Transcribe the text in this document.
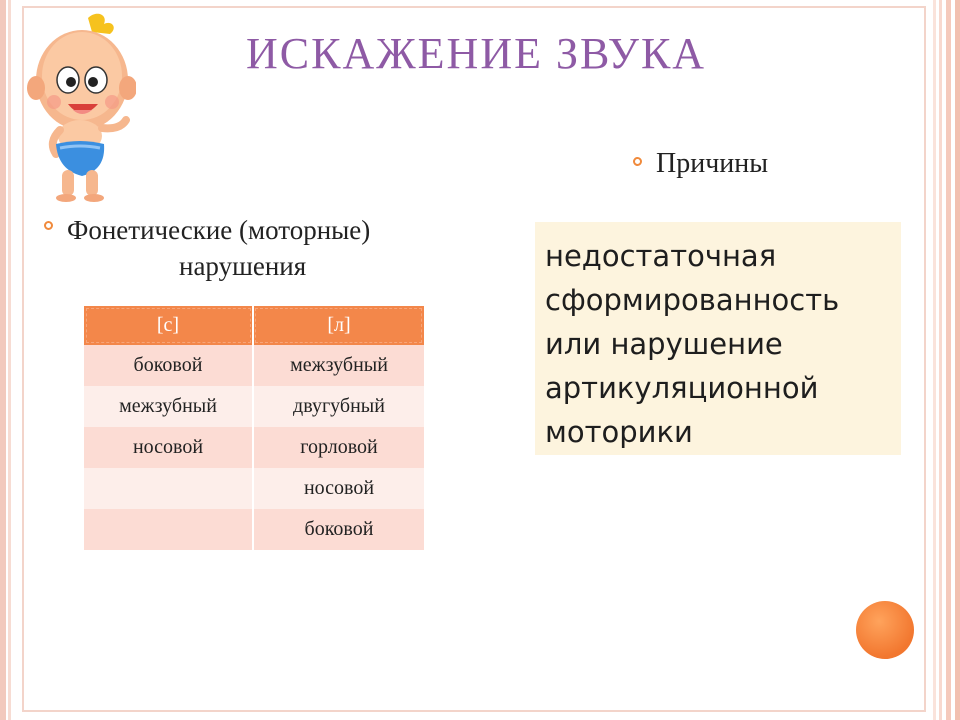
ИСКАЖЕНИЕ ЗВУКА
Причины
Фонетические (моторные)
нарушения
[с]	[л]
боковой	межзубный
межзубный	двугубный
носовой	горловой
	носовой
	боковой
недостаточная сформированность или нарушение артикуляционной моторики
